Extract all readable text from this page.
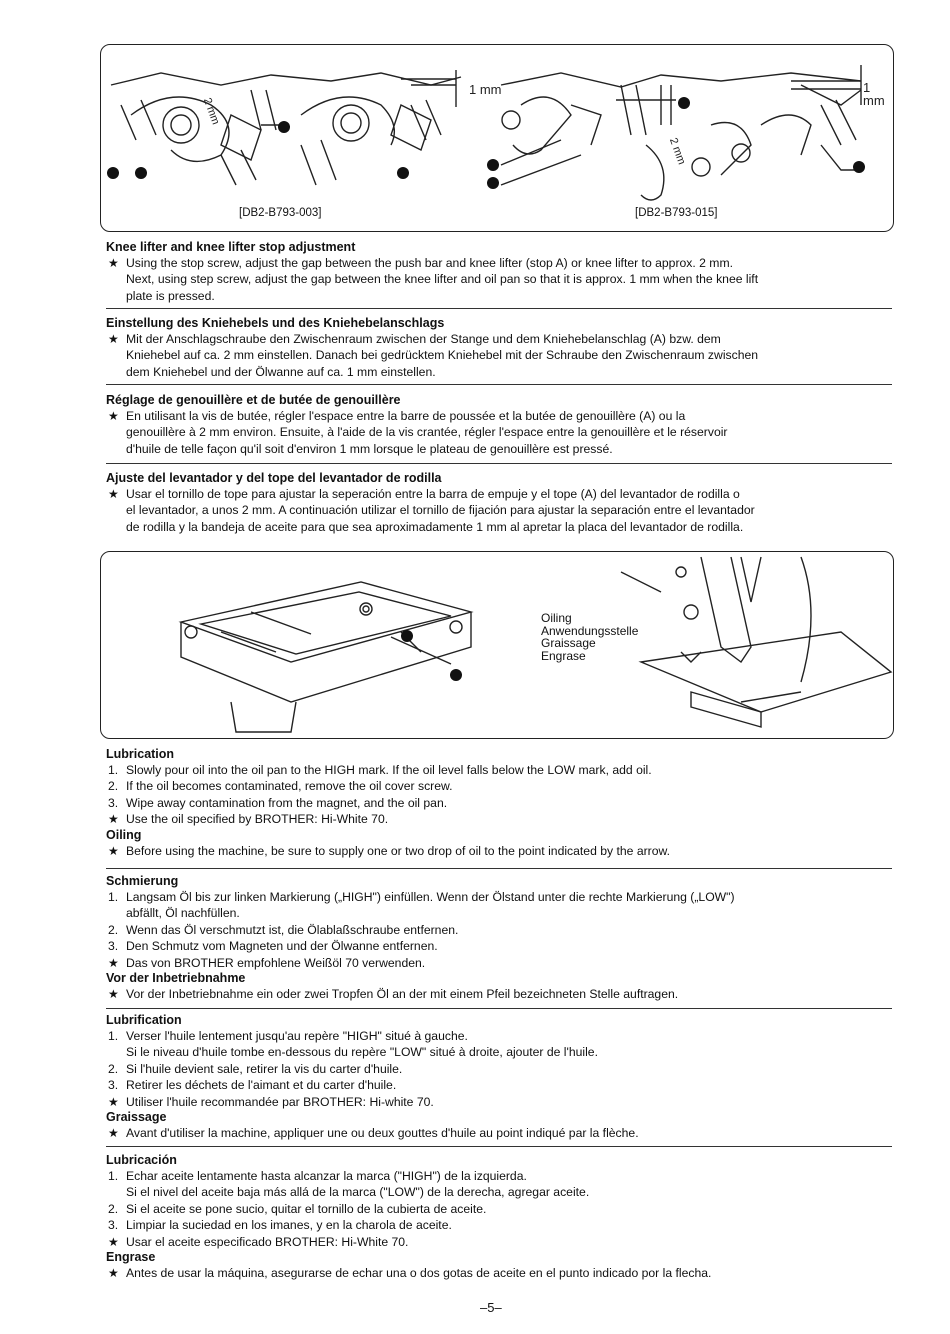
1 mm	1 mm
2 mm
2 mm
[DB2-B793-003]	[DB2-B793-015]
Knee lifter and knee lifter stop adjustment
★ Using the stop screw, adjust the gap between the push bar and knee lifter (stop A) or knee lifter to approx. 2 mm.
Next, using step screw, adjust the gap between the knee lifter and oil pan so that it is approx. 1 mm when the knee lift
plate is pressed.
Einstellung des Kniehebels und des Kniehebelanschlags
★ Mit der Anschlagschraube den Zwischenraum zwischen der Stange und dem Kniehebelanschlag (A) bzw. dem
Kniehebel auf ca. 2 mm einstellen. Danach bei gedrücktem Kniehebel mit der Schraube den Zwischenraum zwischen
dem Kniehebel und der Ölwanne auf ca. 1 mm einstellen.
Réglage de genouillère et de butée de genouillère
★ En utilisant la vis de butée, régler l'espace entre la barre de poussée et la butée de genouillère (A) ou la
genouillère à 2 mm environ. Ensuite, à l'aide de la vis crantée, régler l'espace entre la genouillère et le réservoir
d'huile de telle façon qu'il soit d'environ 1 mm lorsque le plateau de genouillère est pressé.
Ajuste del levantador y del tope del levantador de rodilla
★ Usar el tornillo de tope para ajustar la seperación entre la barra de empuje y el tope (A) del levantador de rodilla o
el levantador, a unos 2 mm. A continuación utilizar el tornillo de fijación para ajustar la separación entre el levantador
de rodilla y la bandeja de aceite para que sea aproximadamente 1 mm al apretar la placa del levantador de rodilla.
Oiling
Anwendungsstelle
Graissage
Engrase
Lubrication
1. Slowly pour oil into the oil pan to the HIGH mark. If the oil level falls below the LOW mark, add oil.
2. If the oil becomes contaminated, remove the oil cover screw.
3. Wipe away contamination from the magnet, and the oil pan.
★ Use the oil specified by BROTHER: Hi-White 70.
Oiling
★ Before using the machine, be sure to supply one or two drop of oil to the point indicated by the arrow.
Schmierung
1. Langsam Öl bis zur linken Markierung („HIGH") einfüllen. Wenn der Ölstand unter die rechte Markierung („LOW")
abfällt, Öl nachfüllen.
2. Wenn das Öl verschmutzt ist, die Ölablaßschraube entfernen.
3. Den Schmutz vom Magneten und der Ölwanne entfernen.
★ Das von BROTHER empfohlene Weißöl 70 verwenden.
Vor der Inbetriebnahme
★ Vor der Inbetriebnahme ein oder zwei Tropfen Öl an der mit einem Pfeil bezeichneten Stelle auftragen.
Lubrification
1. Verser l'huile lentement jusqu'au repère "HIGH" situé à gauche.
Si le niveau d'huile tombe en-dessous du repère "LOW" situé à droite, ajouter de l'huile.
2. Si l'huile devient sale, retirer la vis du carter d'huile.
3. Retirer les déchets de l'aimant et du carter d'huile.
★ Utiliser l'huile recommandée par BROTHER: Hi-white 70.
Graissage
★ Avant d'utiliser la machine, appliquer une ou deux gouttes d'huile au point indiqué par la flèche.
Lubricación
1. Echar aceite lentamente hasta alcanzar la marca ("HIGH") de la izquierda.
Si el nivel del aceite baja más allá de la marca ("LOW") de la derecha, agregar aceite.
2. Si el aceite se pone sucio, quitar el tornillo de la cubierta de aceite.
3. Limpiar la suciedad en los imanes, y en la charola de aceite.
★ Usar el aceite especificado BROTHER: Hi-White 70.
Engrase
★ Antes de usar la máquina, asegurarse de echar una o dos gotas de aceite en el punto indicado por la flecha.
–5–
